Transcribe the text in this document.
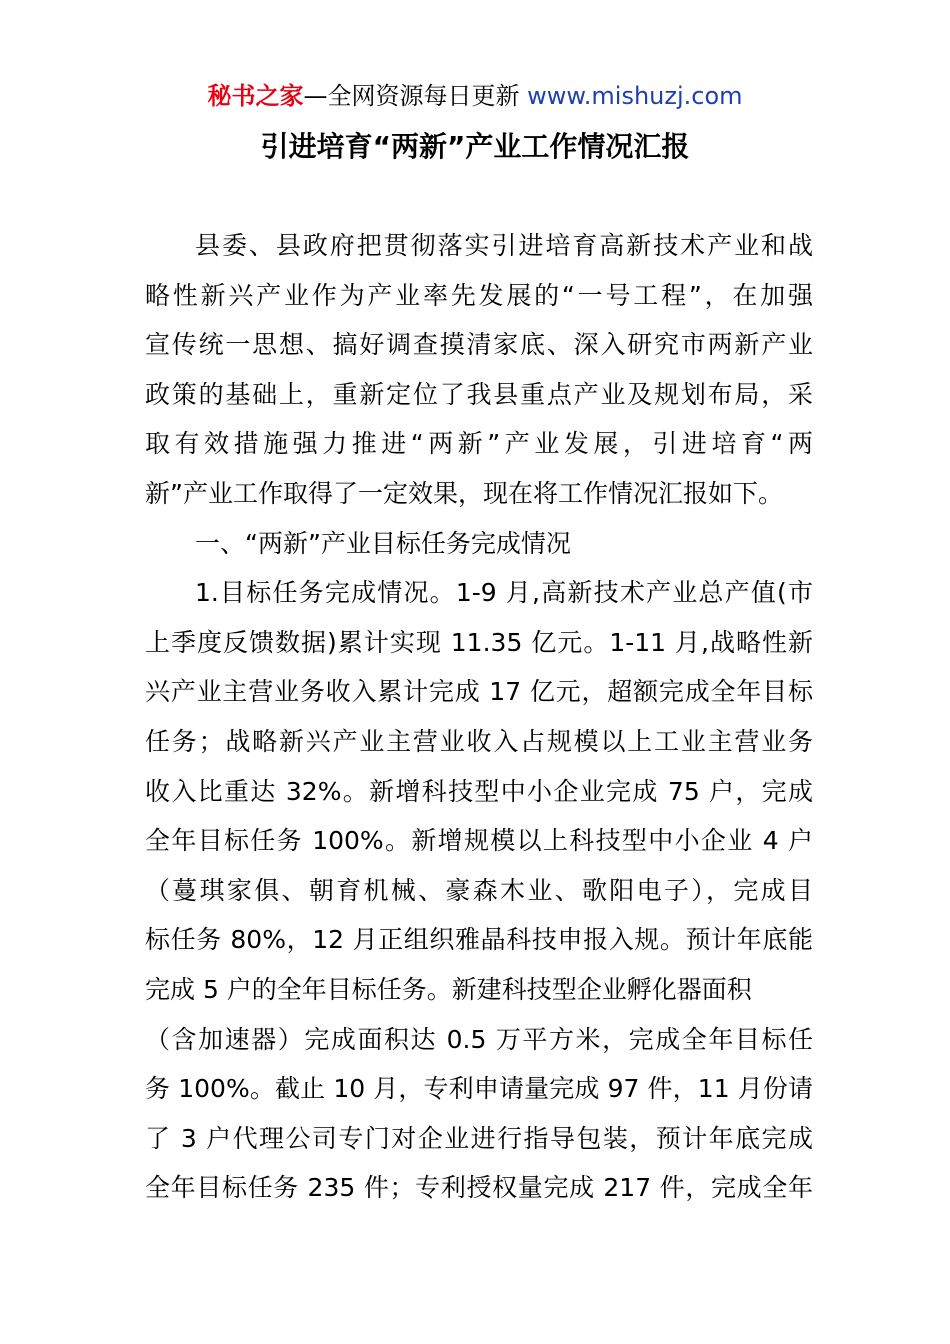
秘书之家—全网资源每日更新 www.mishuzj.com
引进培育“两新”产业工作情况汇报
县委、县政府把贯彻落实引进培育高新技术产业和战
略性新兴产业作为产业率先发展的“一号工程”，在加强
宣传统一思想、搞好调查摸清家底、深入研究市两新产业
政策的基础上，重新定位了我县重点产业及规划布局，采
取有效措施强力推进“两新”产业发展，引进培育“两
新”产业工作取得了一定效果，现在将工作情况汇报如下。
一、“两新”产业目标任务完成情况
1.目标任务完成情况。1-9 月,高新技术产业总产值(市
上季度反馈数据)累计实现 11.35 亿元。1-11 月,战略性新
兴产业主营业务收入累计完成 17 亿元，超额完成全年目标
任务；战略新兴产业主营业收入占规模以上工业主营业务
收入比重达 32%。新增科技型中小企业完成 75 户，完成
全年目标任务 100%。新增规模以上科技型中小企业 4 户
（蔓琪家俱、朝育机械、豪森木业、歌阳电子），完成目
标任务 80%，12 月正组织雅晶科技申报入规。预计年底能
完成 5 户的全年目标任务。新建科技型企业孵化器面积
（含加速器）完成面积达 0.5 万平方米，完成全年目标任
务 100%。截止 10 月，专利申请量完成 97 件，11 月份请
了 3 户代理公司专门对企业进行指导包装，预计年底完成
全年目标任务 235 件；专利授权量完成 217 件，完成全年
